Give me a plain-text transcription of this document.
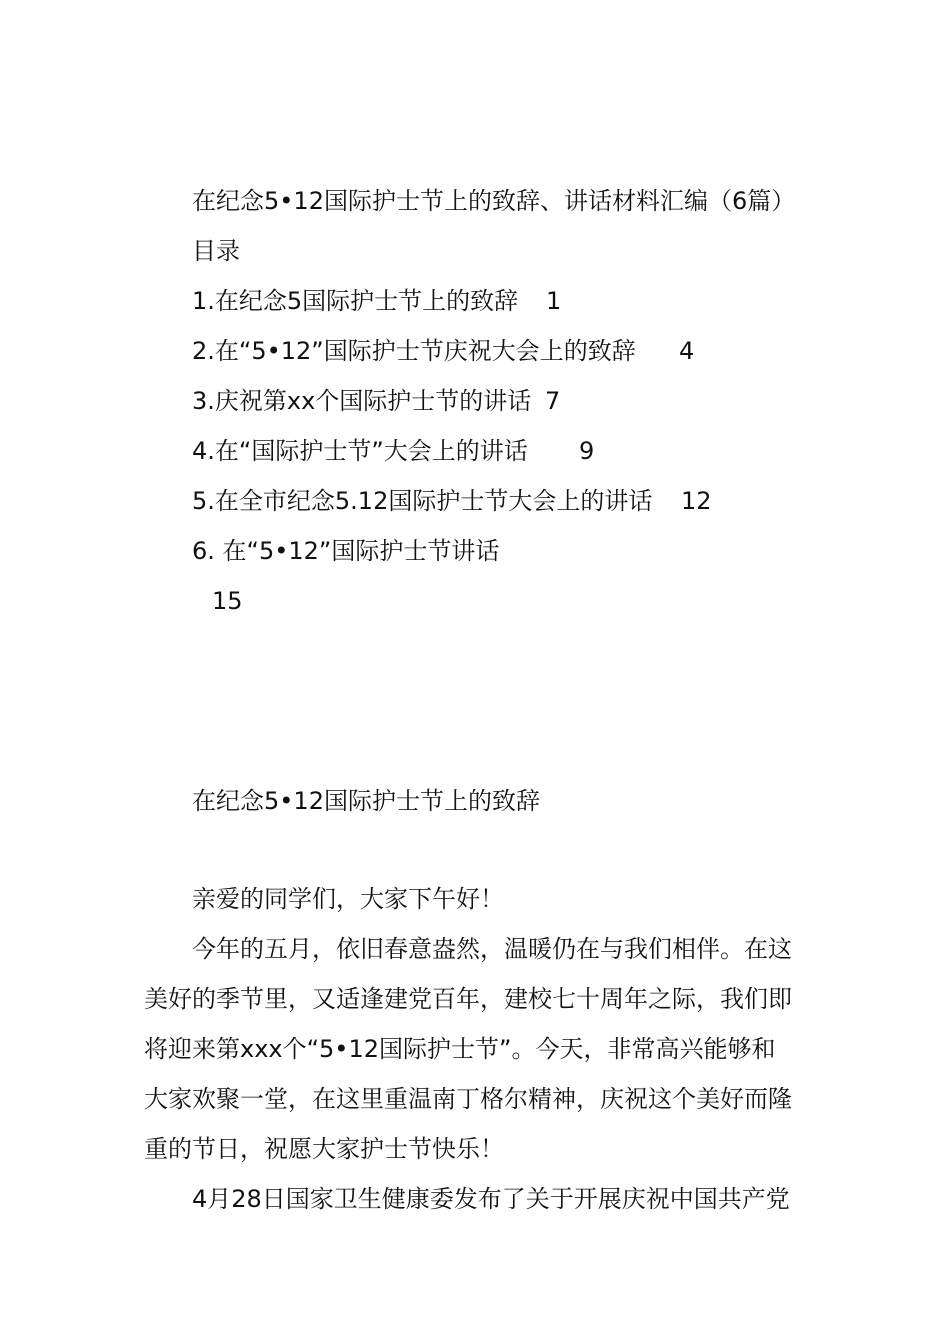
在纪念5•12国际护士节上的致辞、讲话材料汇编（6篇）

目录

1.在纪念5国际护士节上的致辞 1

2.在“5•12”国际护士节庆祝大会上的致辞 4

3.庆祝第xx个国际护士节的讲话 7

4.在“国际护士节”大会上的讲话 9

5.在全市纪念5.12国际护士节大会上的讲话 12

6. 在“5•12”国际护士节讲话

15

在纪念5•12国际护士节上的致辞

亲爱的同学们，大家下午好！

今年的五月，依旧春意盎然，温暖仍在与我们相伴。在这

美好的季节里，又适逢建党百年，建校七十周年之际，我们即

将迎来第xxx个“5•12国际护士节”。今天，非常高兴能够和

大家欢聚一堂，在这里重温南丁格尔精神，庆祝这个美好而隆

重的节日，祝愿大家护士节快乐！

4月28日国家卫生健康委发布了关于开展庆祝中国共产党
